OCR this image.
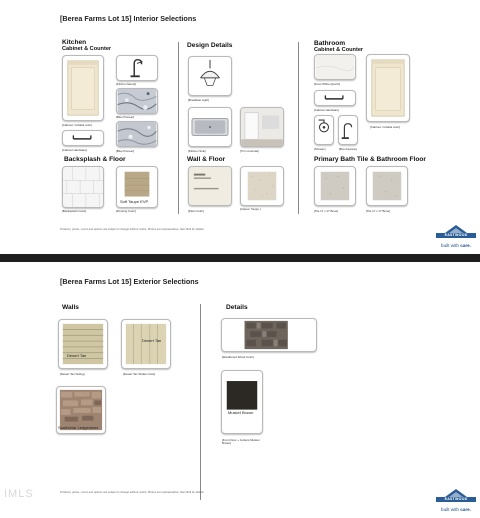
[Berea Farms Lot 15] Interior Selections
Kitchen
Cabinet & Counter
[Cabinet: Cobalia color]
[Kitchen faucet]
[Blue Pioneer]
[Cabinet Hardware]	[Blue Pioneer]
Backsplash & Floor
[Backsplash Color]
Soft Taupe EVP
[Flooring Color]
Design Details
[Breakfast Light]
[Kitchen Sink]	[Trim Colonial]
Wall & Floor
[Paint Color]	[Carpet: Taupe ]
Bathroom
Cabinet & Counter
[Frost White Quartz]
[Cabinet: Cobalia color]
[Cabinet Hardware]
[Shower]	[Bus Faucets]
Primary Bath Tile & Bathroom Floor
[Tile 17 x 17 Bone]	[Tile 17 x 17 Bone]
Products, prices, colors and options are subject to change without notice. Photos are representative. See NHS for details.
EASTWOOD
built with care.
[Berea Farms Lot 15] Exterior Selections
Walls
Desert Tan
[Desert Tan Siding]
Desert Tan
[Desert Tan Shake Color]
Southbriar Ledgestone
Details
[Weathered Wood Color]
Musket Brown
[Front Door + Gutters Musket Brown]
Products, prices, colors and options are subject to change without notice. Photos are representative. See NHS for details.
EASTWOOD
built with care.
IMLS
